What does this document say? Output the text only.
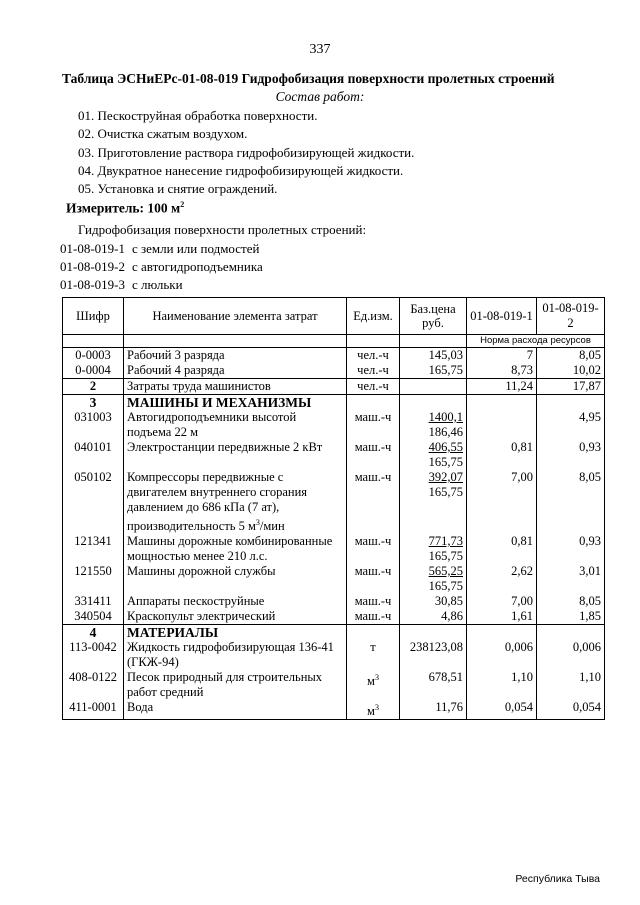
337
Таблица ЭСНиЕРс-01-08-019 Гидрофобизация поверхности пролетных строений
Состав работ:
01. Пескоструйная обработка поверхности.
02. Очистка сжатым воздухом.
03. Приготовление раствора гидрофобизирующей жидкости.
04. Двукратное нанесение гидрофобизирующей жидкости.
05. Установка и снятие ограждений.
Измеритель: 100 $м^2$
Гидрофобизация поверхности пролетных строений:
01-08-019-1 с земли или подмостей
01-08-019-2 с автогидроподъемника
01-08-019-3 с люльки
Шифр	Наименование элемента затрат	Ед.изм.	Баз.цена
руб.	01-08-019-1	01-08-019-2
				Норма расхода ресурсов	
0-0003	Рабочий 3 разряда	чел.-ч	145,03	7	8,05
0-0004	Рабочий 4 разряда	чел.-ч	165,75	8,73	10,02
2	Затраты труда машинистов	чел.-ч		11,24	17,87
3	МАШИНЫ И МЕХАНИЗМЫ				
031003	Автогидроподъемники высотой
подъема 22 м	маш.-ч	1400,1
186,46		4,95
040101	Электростанции передвижные 2 кВт	маш.-ч	406,55
165,75	0,81	0,93
050102	Компрессоры передвижные с
двигателем внутреннего сгорания
давлением до 686 кПа (7 ат),
производительность 5 $м^3$/мин	маш.-ч	392,07
165,75	7,00	8,05
121341	Машины дорожные комбинированные
мощностью менее 210 л.с.	маш.-ч	771,73
165,75	0,81	0,93
121550	Машины дорожной службы	маш.-ч	565,25
165,75	2,62	3,01
331411	Аппараты пескоструйные	маш.-ч	30,85	7,00	8,05
340504	Краскопульт электрический	маш.-ч	4,86	1,61	1,85
4	МАТЕРИАЛЫ				
113-0042	Жидкость гидрофобизирующая 136-41
(ГКЖ-94)	т	238123,08	0,006	0,006
408-0122	Песок природный для строительных
работ средний	$м^3$	678,51	1,10	1,10
411-0001	Вода	$м^3$	11,76	0,054	0,054
Республика Тыва
